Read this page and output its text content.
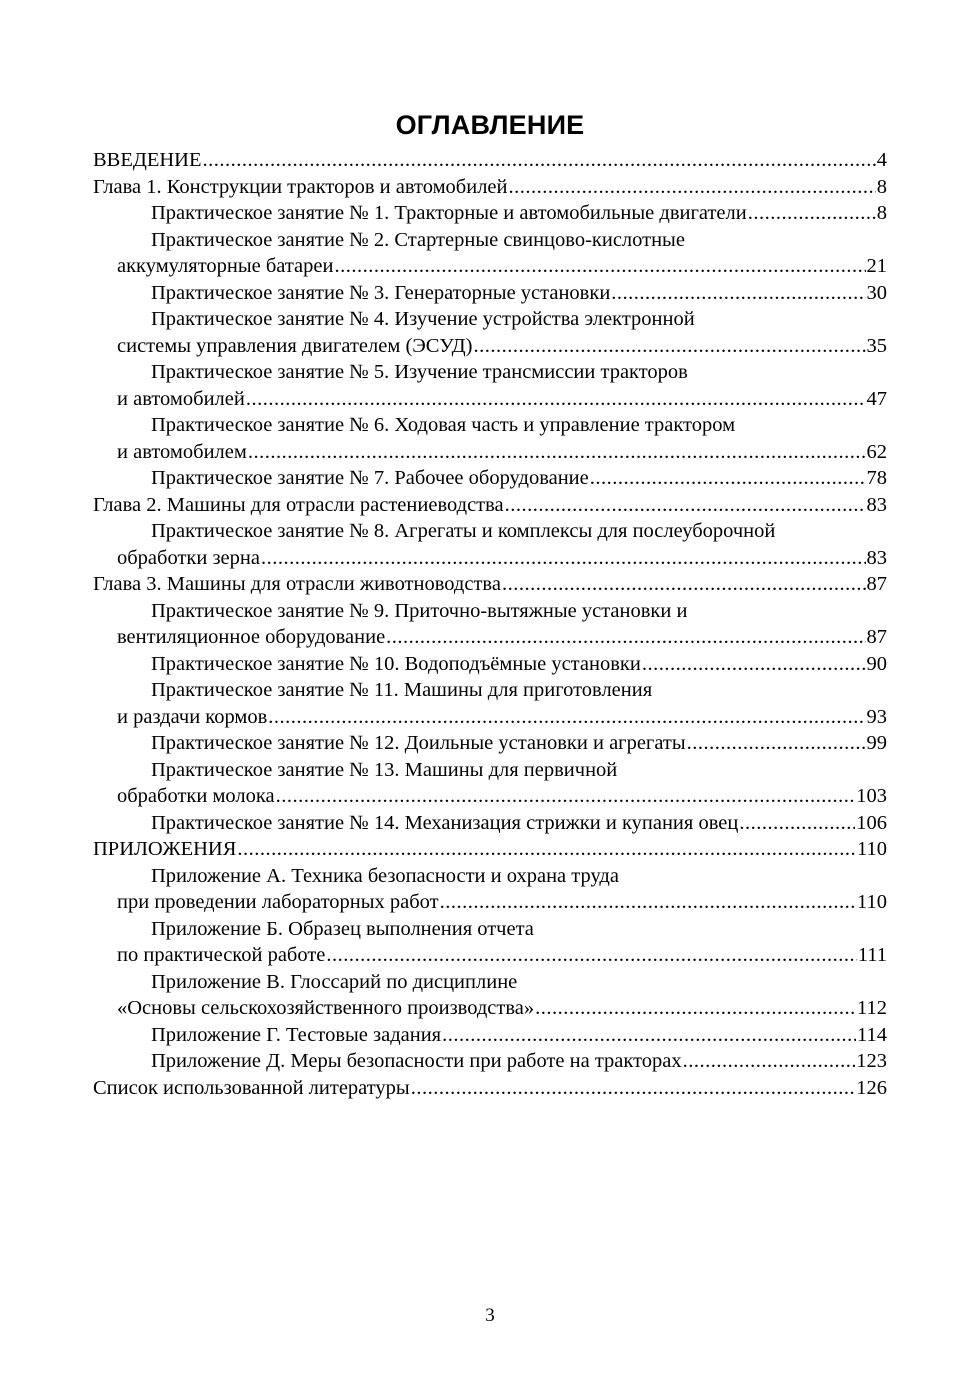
ОГЛАВЛЕНИЕ
ВВЕДЕНИЕ .....	4
Глава 1. Конструкции тракторов и автомобилей .....	8
Практическое занятие № 1. Тракторные и автомобильные двигатели .....	8
Практическое занятие № 2. Стартерные свинцово-кислотные
аккумуляторные батареи .....	21
Практическое занятие № 3. Генераторные установки .....	30
Практическое занятие № 4. Изучение устройства электронной
системы управления двигателем (ЭСУД) .....	35
Практическое занятие № 5. Изучение трансмиссии тракторов
и автомобилей .....	47
Практическое занятие № 6. Ходовая часть и управление трактором
и автомобилем .....	62
Практическое занятие № 7. Рабочее оборудование .....	78
Глава 2. Машины для отрасли растениеводства .....	83
Практическое занятие № 8. Агрегаты и комплексы для послеуборочной
обработки зерна .....	83
Глава 3. Машины для отрасли животноводства .....	87
Практическое занятие № 9. Приточно-вытяжные установки и
вентиляционное оборудование .....	87
Практическое занятие № 10. Водоподъёмные установки .....	90
Практическое занятие № 11. Машины для приготовления
и раздачи кормов .....	93
Практическое занятие № 12. Доильные установки и агрегаты .....	99
Практическое занятие № 13. Машины для первичной
обработки молока .....	103
Практическое занятие № 14. Механизация стрижки и купания овец .....	106
ПРИЛОЖЕНИЯ .....	110
Приложение А. Техника безопасности и охрана труда
при проведении лабораторных работ .....	110
Приложение Б. Образец выполнения отчета
по практической работе .....	111
Приложение В. Глоссарий по дисциплине
«Основы сельскохозяйственного производства» .....	112
Приложение Г. Тестовые задания .....	114
Приложение Д. Меры безопасности при работе на тракторах .....	123
Список использованной литературы .....	126
3
